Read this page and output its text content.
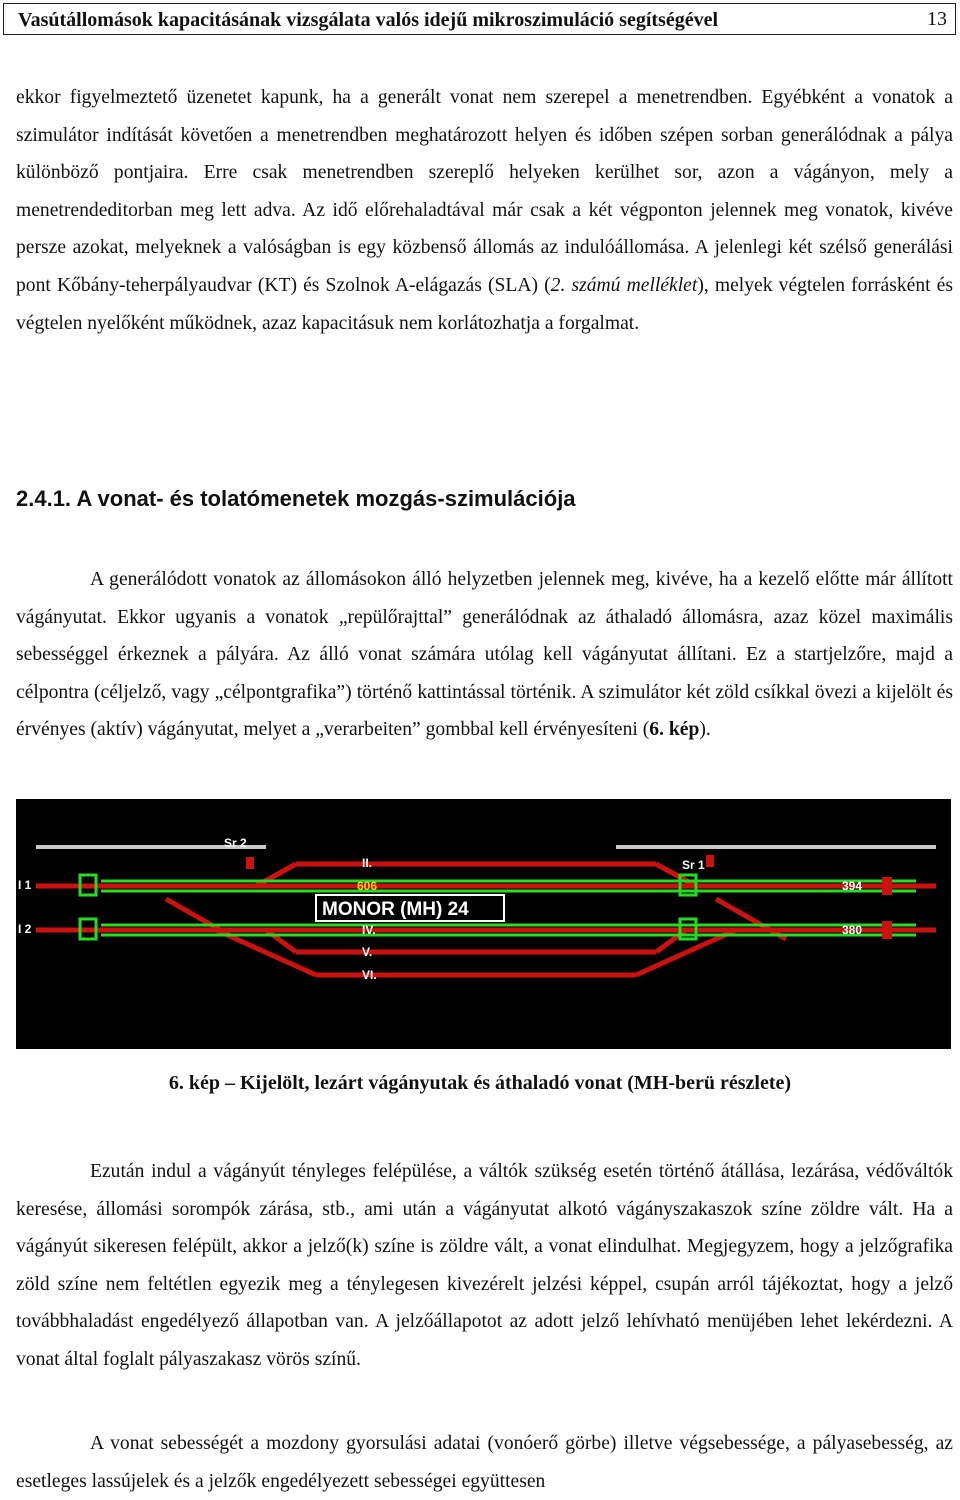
Vasútállomások kapacitásának vizsgálata valós idejű mikroszimuláció segítségével	13

ekkor figyelmeztető üzenetet kapunk, ha a generált vonat nem szerepel a menetrendben. Egyébként a vonatok a szimulátor indítását követően a menetrendben meghatározott helyen és időben szépen sorban generálódnak a pálya különböző pontjaira. Erre csak menetrendben szereplő helyeken kerülhet sor, azon a vágányon, mely a menetrendeditorban meg lett adva. Az idő előrehaladtával már csak a két végponton jelennek meg vonatok, kivéve persze azokat, melyeknek a valóságban is egy közbenső állomás az indulóállomása. A jelenlegi két szélső generálási pont Kőbány-teherpályaudvar (KT) és Szolnok A-elágazás (SLA) (2. számú melléklet), melyek végtelen forrásként és végtelen nyelőként működnek, azaz kapacitásuk nem korlátozhatja a forgalmat.

2.4.1. A vonat- és tolatómenetek mozgás-szimulációja

A generálódott vonatok az állomásokon álló helyzetben jelennek meg, kivéve, ha a kezelő előtte már állított vágányutat. Ekkor ugyanis a vonatok „repülőrajttal” generálódnak az áthaladó állomásra, azaz közel maximális sebességgel érkeznek a pályára. Az álló vonat számára utólag kell vágányutat állítani. Ez a startjelzőre, majd a célpontra (céljelző, vagy „célpontgrafika”) történő kattintással történik. A szimulátor két zöld csíkkal övezi a kijelölt és érvényes (aktív) vágányutat, melyet a „verarbeiten” gombbal kell érvényesíteni (6. kép).

Sr 2
Sr 1
I 1
I 2
II.
IV.
V.
VI.
394
380
606
MONOR (MH) 24
6. kép – Kijelölt, lezárt vágányutak és áthaladó vonat (MH-berü részlete)

Ezután indul a vágányút tényleges felépülése, a váltók szükség esetén történő átállása, lezárása, védőváltók keresése, állomási sorompók zárása, stb., ami után a vágányutat alkotó vágányszakaszok színe zöldre vált. Ha a vágányút sikeresen felépült, akkor a jelző(k) színe is zöldre vált, a vonat elindulhat. Megjegyzem, hogy a jelzőgrafika zöld színe nem feltétlen egyezik meg a ténylegesen kivezérelt jelzési képpel, csupán arról tájékoztat, hogy a jelző továbbhaladást engedélyező állapotban van. A jelzőállapotot az adott jelző lehívható menüjében lehet lekérdezni. A vonat által foglalt pályaszakasz vörös színű.

A vonat sebességét a mozdony gyorsulási adatai (vonóerő görbe) illetve végsebessége, a pályasebesség, az esetleges lassújelek és a jelzők engedélyezett sebességei együttesen
